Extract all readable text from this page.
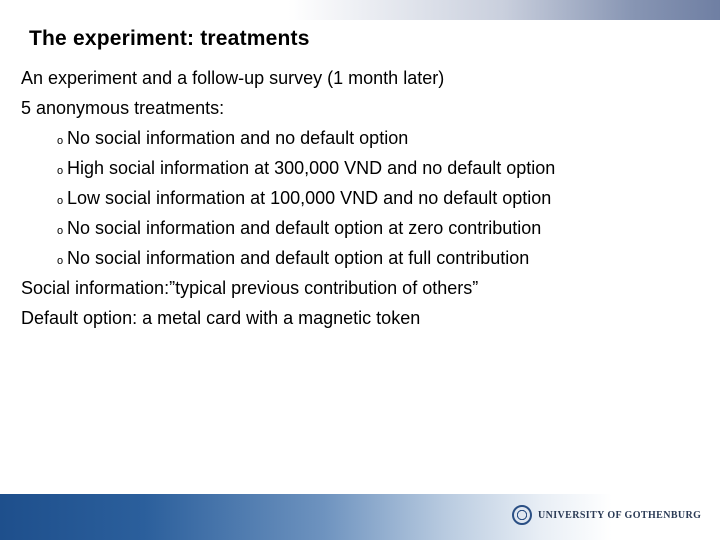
The experiment: treatments
An experiment and a follow-up survey (1 month later)
5 anonymous treatments:
o No social information and no default option
o High social information at 300,000 VND and no default option
o Low social information at 100,000 VND and no default option
o No social information and default option at zero contribution
o No social information and default option at full contribution
Social information:”typical previous contribution of others”
Default option: a metal card with a magnetic token
UNIVERSITY OF GOTHENBURG
